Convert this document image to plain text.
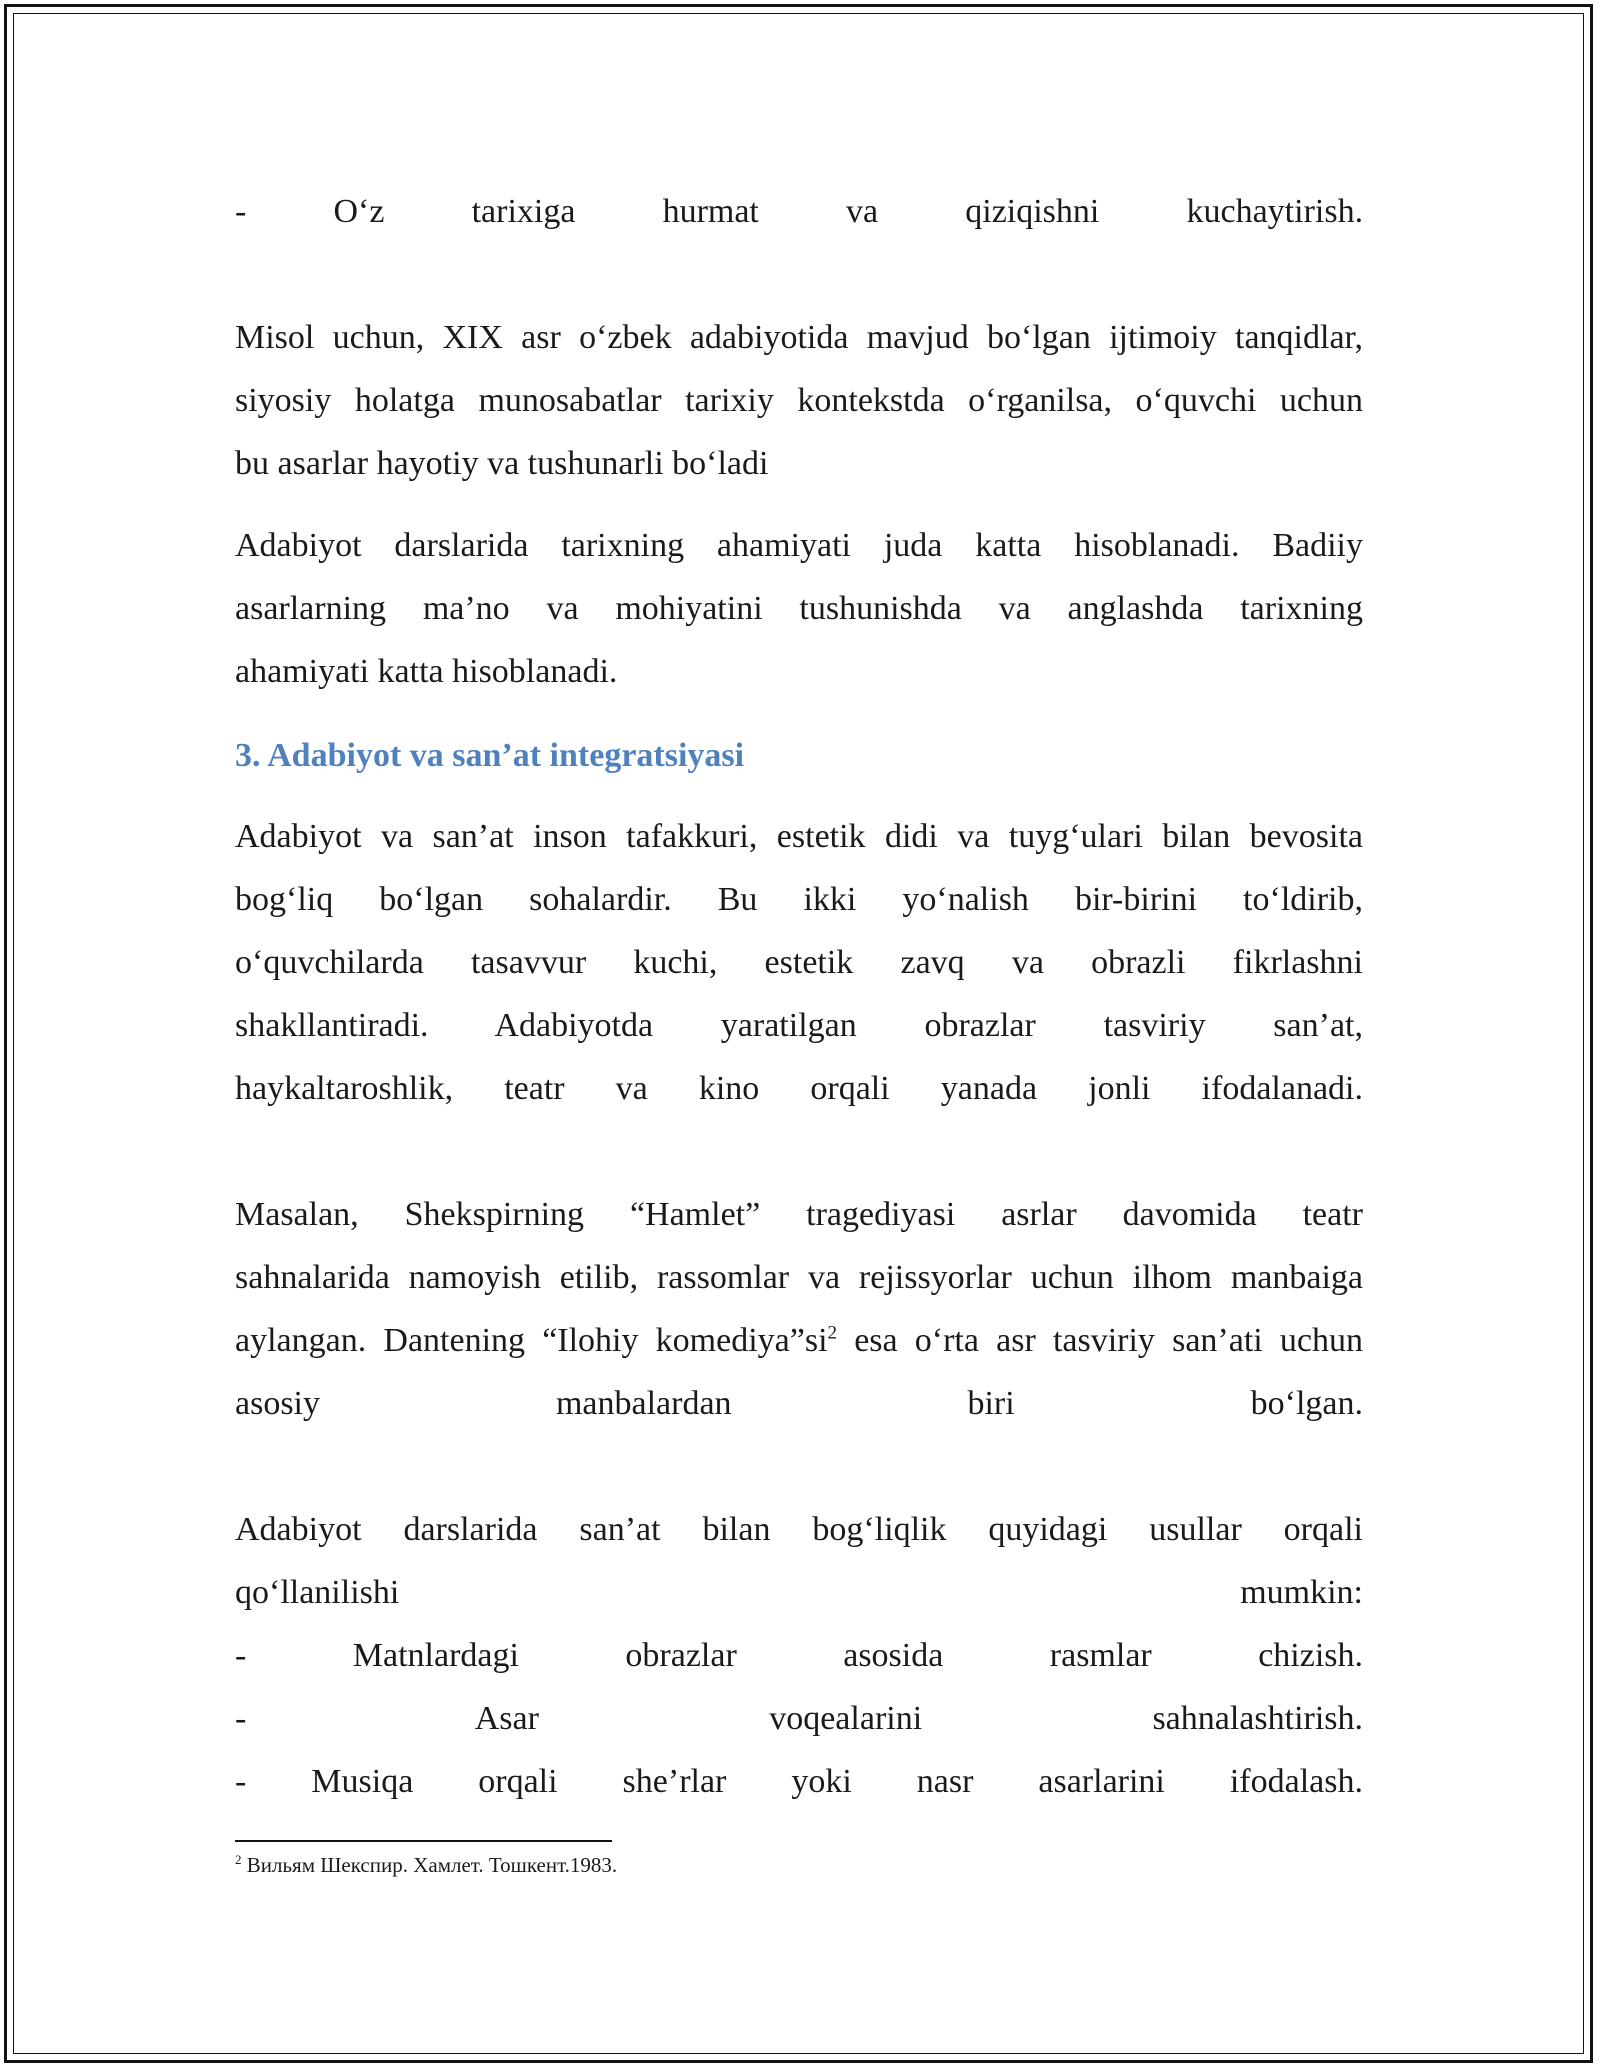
-	O‘z	tarixiga	hurmat	va	qiziqishni	kuchaytirish.
Misol uchun, XIX asr o‘zbek adabiyotida mavjud bo‘lgan ijtimoiy tanqidlar,
siyosiy holatga munosabatlar tarixiy kontekstda o‘rganilsa, o‘quvchi uchun
bu asarlar hayotiy va tushunarli bo‘ladi
Adabiyot darslarida tarixning ahamiyati juda katta hisoblanadi. Badiiy
asarlarning ma’no va mohiyatini tushunishda va anglashda tarixning
ahamiyati katta hisoblanadi.
3. Adabiyot va san’at integratsiyasi
Adabiyot va san’at inson tafakkuri, estetik didi va tuyg‘ulari bilan bevosita
bog‘liq bo‘lgan sohalardir. Bu ikki yo‘nalish bir-birini to‘ldirib,
o‘quvchilarda tasavvur kuchi, estetik zavq va obrazli fikrlashni
shakllantiradi. Adabiyotda yaratilgan obrazlar tasviriy san’at,
haykaltaroshlik, teatr va kino orqali yanada jonli ifodalanadi.
Masalan, Shekspirning “Hamlet” tragediyasi asrlar davomida teatr
sahnalarida namoyish etilib, rassomlar va rejissyorlar uchun ilhom manbaiga
aylangan. Dantening “Ilohiy $komediya”si^2$ esa o‘rta asr tasviriy san’ati uchun
asosiy	manbalardan	biri	bo‘lgan.
Adabiyot darslarida san’at bilan bog‘liqlik quyidagi usullar orqali
qo‘llanilishi	mumkin:
-	Matnlardagi	obrazlar	asosida	rasmlar	chizish.
-	Asar	voqealarini	sahnalashtirish.
- Musiqa orqali she’rlar yoki nasr asarlarini ifodalash.
$^2$ Вильям Шекспир. Хамлет. Тошкент.1983.
